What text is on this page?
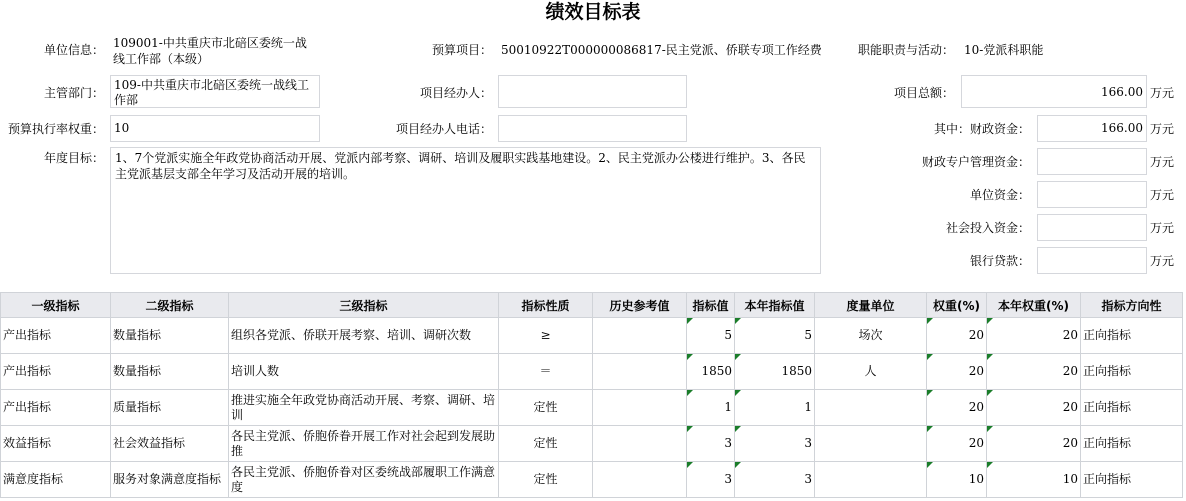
绩效目标表
单位信息： 109001-中共重庆市北碚区委统一战线工作部（本级）
预算项目： 50010922T000000086817-民主党派、侨联专项工作经费	职能职责与活动： 10-党派科职能
主管部门：
109-中共重庆市北碚区委统一战线工作部	项目经办人：	项目总额：	166.00 万元
预算执行率权重： 10	项目经办人电话：	其中：财政资金：	166.00 万元
年度目标： 1、7个党派实施全年政党协商活动开展、党派内部考察、调研、培训及履职实践基地建设。2、民主党派办公楼进行维护。3、各民主党派基层支部全年学习及活动开展的培训。
财政专户管理资金：	万元
单位资金：	万元
社会投入资金：	万元
银行贷款：	万元
一级指标	二级指标	三级指标	指标性质	历史参考值	指标值	本年指标值	度量单位	权重(%)	本年权重(%)	指标方向性
产出指标	数量指标	组织各党派、侨联开展考察、培训、调研次数	≥		5	5	场次	20	20	正向指标
产出指标	数量指标	培训人数	＝		1850	1850	人	20	20	正向指标
产出指标	质量指标	推进实施全年政党协商活动开展、考察、调研、培训	定性		1	1		20	20	正向指标
效益指标	社会效益指标	各民主党派、侨胞侨眷开展工作对社会起到发展助推	定性		3	3		20	20	正向指标
满意度指标	服务对象满意度指标	各民主党派、侨胞侨眷对区委统战部履职工作满意度	定性		3	3		10	10	正向指标
